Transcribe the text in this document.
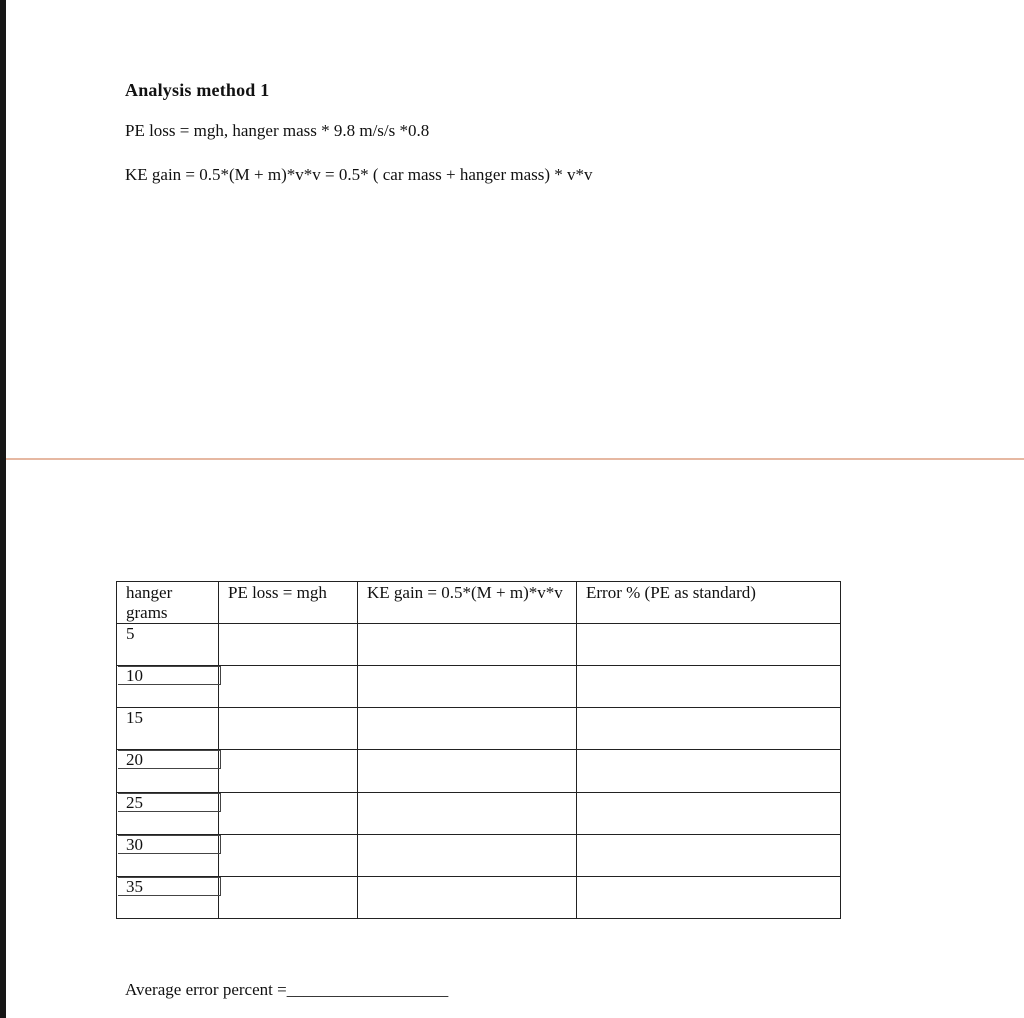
Analysis method 1
PE loss = mgh, hanger mass * 9.8 m/s/s *0.8
KE gain = 0.5*(M + m)*v*v = 0.5* ( car mass + hanger mass) * v*v
hanger grams	PE loss = mgh	KE gain = 0.5*(M + m)*v*v	Error % (PE as standard)
5			
10			
15			
20			
25			
30			
35			
Average error percent =___________________
